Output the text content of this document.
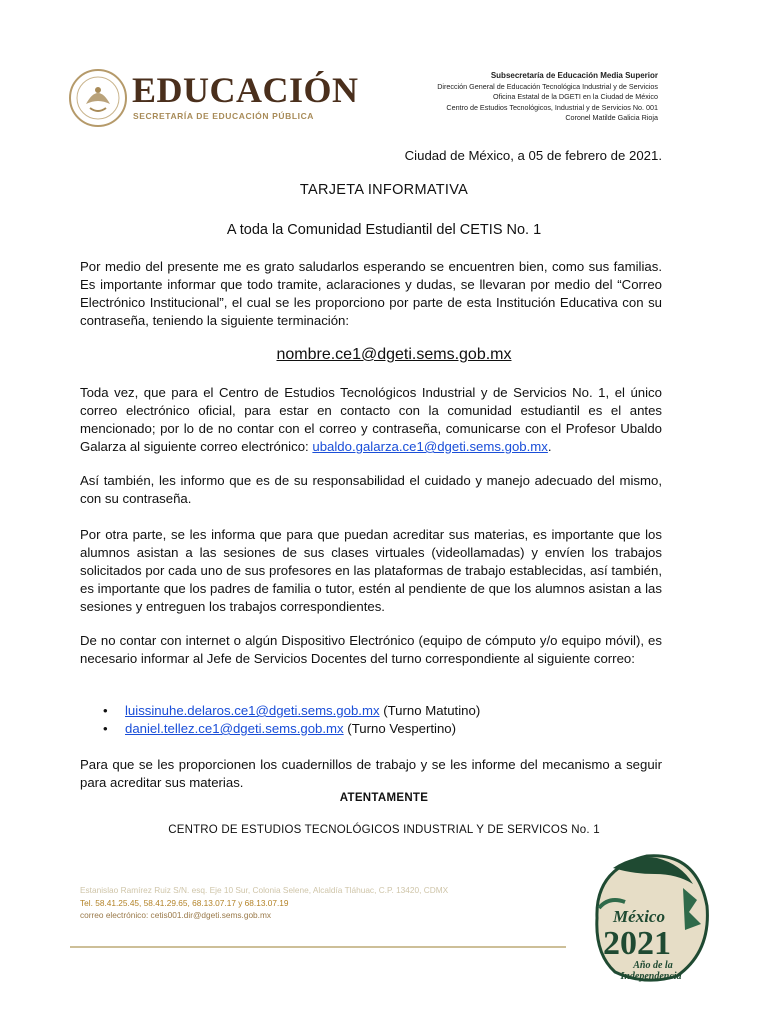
EDUCACIÓN
SECRETARÍA DE EDUCACIÓN PÚBLICA
Subsecretaría de Educación Media Superior
Dirección General de Educación Tecnológica Industrial y de Servicios
Oficina Estatal de la DGETI en la Ciudad de México
Centro de Estudios Tecnológicos, Industrial y de Servicios No. 001
Coronel Matilde Galicia Rioja
Ciudad de México, a 05 de febrero de 2021.
TARJETA INFORMATIVA
A toda la Comunidad Estudiantil del CETIS No. 1
Por medio del presente me es grato saludarlos esperando se encuentren bien, como sus familias. Es importante informar que todo tramite, aclaraciones y dudas, se llevaran por medio del “Correo Electrónico Institucional”, el cual se les proporciono por parte de esta Institución Educativa con su contraseña, teniendo la siguiente terminación:
nombre.ce1@dgeti.sems.gob.mx
Toda vez, que para el Centro de Estudios Tecnológicos Industrial y de Servicios No. 1, el único correo electrónico oficial, para estar en contacto con la comunidad estudiantil es el antes mencionado; por lo de no contar con el correo y contraseña, comunicarse con el Profesor Ubaldo Galarza al siguiente correo electrónico: ubaldo.galarza.ce1@dgeti.sems.gob.mx.
Así también, les informo que es de su responsabilidad el cuidado y manejo adecuado del mismo, con su contraseña.
Por otra parte, se les informa que para que puedan acreditar sus materias, es importante que los alumnos asistan a las sesiones de sus clases virtuales (videollamadas) y envíen los trabajos solicitados por cada uno de sus profesores en las plataformas de trabajo establecidas, así también, es importante que los padres de familia o tutor, estén al pendiente de que los alumnos asistan a las sesiones y entreguen los trabajos correspondientes.
De no contar con internet o algún Dispositivo Electrónico (equipo de cómputo y/o equipo móvil), es necesario informar al Jefe de Servicios Docentes del turno correspondiente al siguiente correo:
• luissinuhe.delaros.ce1@dgeti.sems.gob.mx (Turno Matutino)
• daniel.tellez.ce1@dgeti.sems.gob.mx (Turno Vespertino)
Para que se les proporcionen los cuadernillos de trabajo y se les informe del mecanismo a seguir para acreditar sus materias.
ATENTAMENTE
CENTRO DE ESTUDIOS TECNOLÓGICOS INDUSTRIAL Y DE SERVICOS No. 1
Estanislao Ramírez Ruiz S/N. esq. Eje 10 Sur, Colonia Selene, Alcaldía Tláhuac, C.P. 13420, CDMX
Tel. 58.41.25.45, 58.41.29.65, 68.13.07.17 y 68.13.07.19
correo electrónico: cetis001.dir@dgeti.sems.gob.mx	México
2021
Año de la
Independencia
